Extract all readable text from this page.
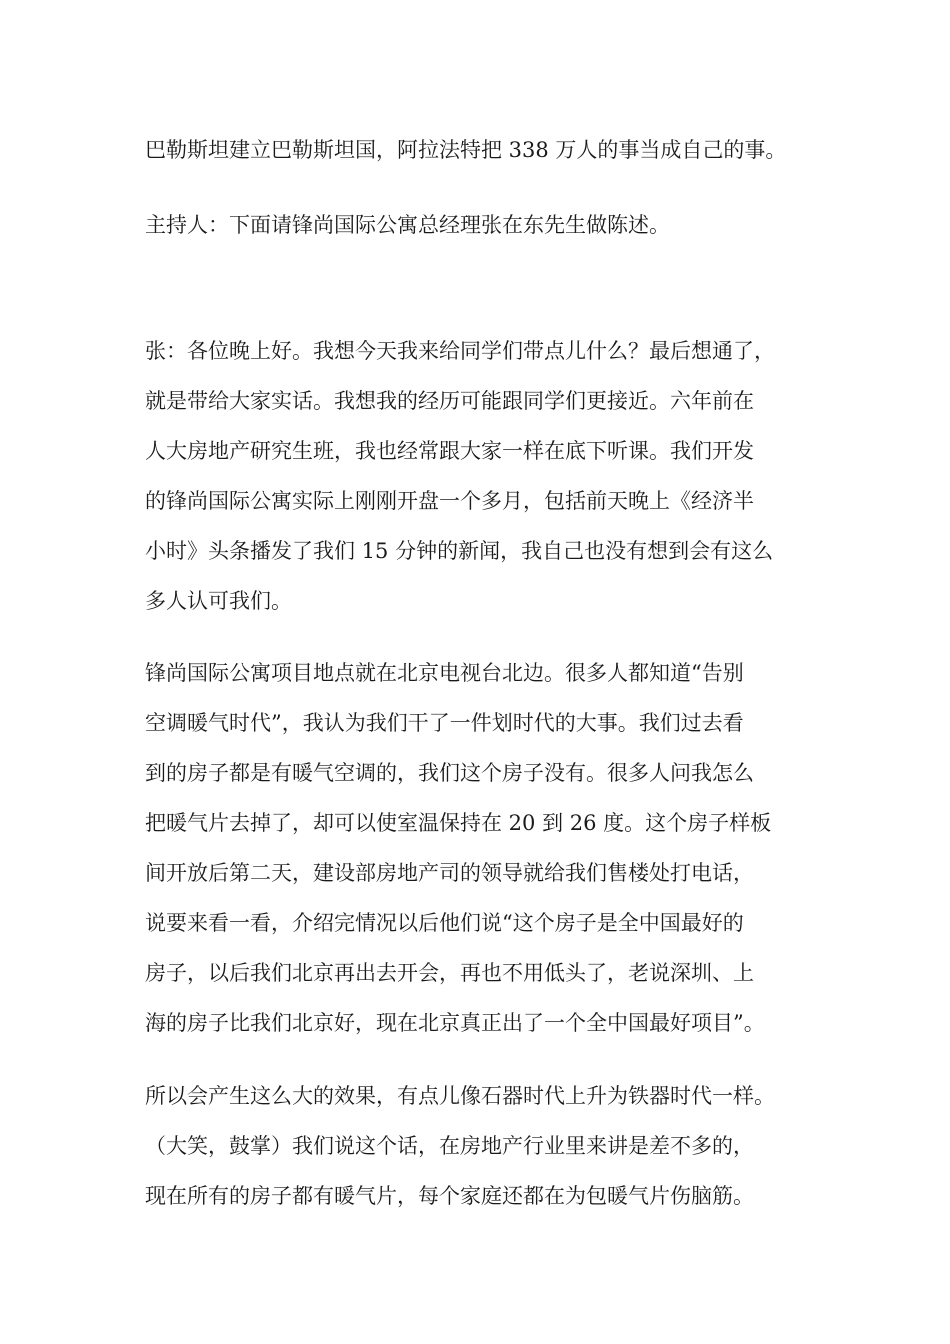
巴勒斯坦建立巴勒斯坦国，阿拉法特把 338 万人的事当成自己的事。
主持人：下面请锋尚国际公寓总经理张在东先生做陈述。
张：各位晚上好。我想今天我来给同学们带点儿什么？最后想通了，
就是带给大家实话。我想我的经历可能跟同学们更接近。六年前在
人大房地产研究生班，我也经常跟大家一样在底下听课。我们开发
的锋尚国际公寓实际上刚刚开盘一个多月，包括前天晚上《经济半
小时》头条播发了我们 15 分钟的新闻，我自己也没有想到会有这么
多人认可我们。
锋尚国际公寓项目地点就在北京电视台北边。很多人都知道“告别
空调暖气时代”，我认为我们干了一件划时代的大事。我们过去看
到的房子都是有暖气空调的，我们这个房子没有。很多人问我怎么
把暖气片去掉了，却可以使室温保持在 20 到 26 度。这个房子样板
间开放后第二天，建设部房地产司的领导就给我们售楼处打电话，
说要来看一看，介绍完情况以后他们说“这个房子是全中国最好的
房子，以后我们北京再出去开会，再也不用低头了，老说深圳、上
海的房子比我们北京好，现在北京真正出了一个全中国最好项目”。
所以会产生这么大的效果，有点儿像石器时代上升为铁器时代一样。
（大笑，鼓掌）我们说这个话，在房地产行业里来讲是差不多的，
现在所有的房子都有暖气片，每个家庭还都在为包暖气片伤脑筋。
